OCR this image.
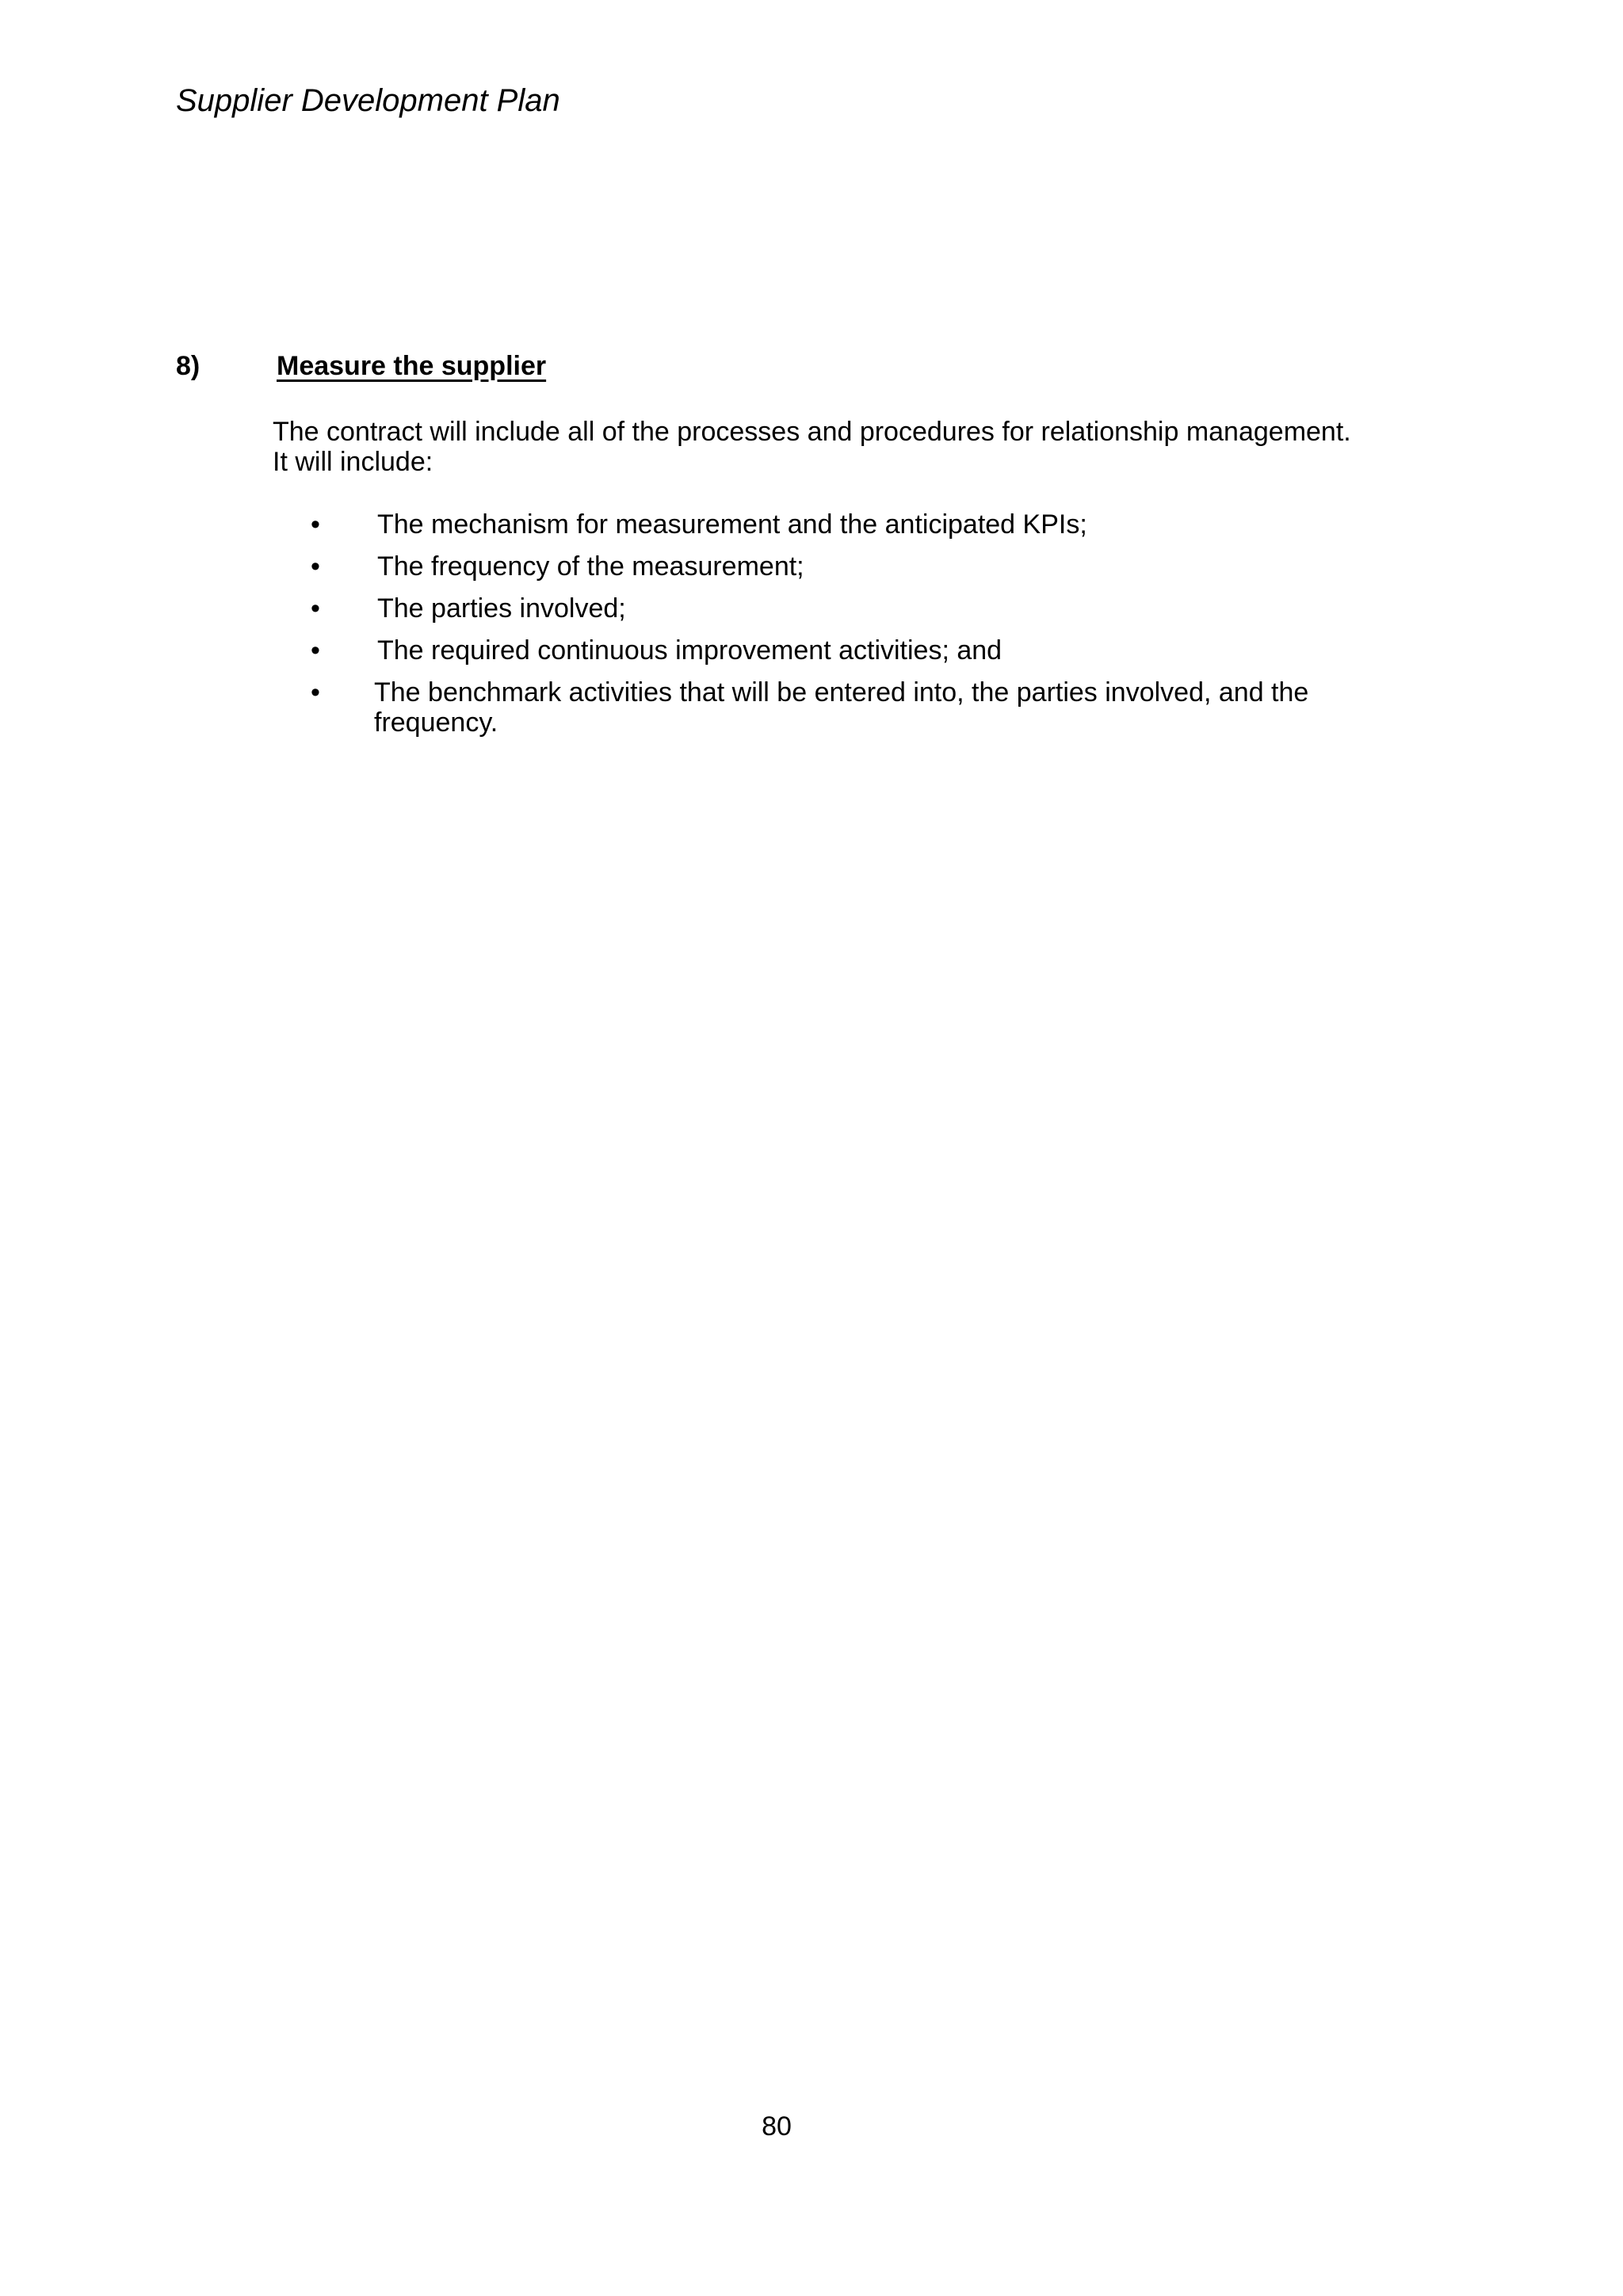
Supplier Development Plan
8)	Measure the supplier
The contract will include all of the processes and procedures for relationship management.
It will include:
• The mechanism for measurement and the anticipated KPIs;
• The frequency of the measurement;
• The parties involved;
• The required continuous improvement activities; and
• The benchmark activities that will be entered into, the parties involved, and the frequency.
80
